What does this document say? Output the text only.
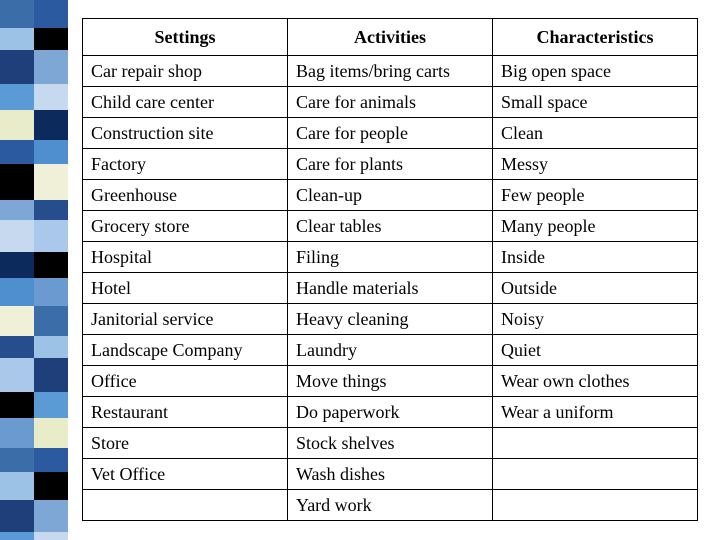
Settings	Activities	Characteristics
Car repair shop	Bag items/bring carts	Big open space
Child care center	Care for animals	Small space
Construction site	Care for people	Clean
Factory	Care for plants	Messy
Greenhouse	Clean-up	Few people
Grocery store	Clear tables	Many people
Hospital	Filing	Inside
Hotel	Handle materials	Outside
Janitorial service	Heavy cleaning	Noisy
Landscape Company	Laundry	Quiet
Office	Move things	Wear own clothes
Restaurant	Do paperwork	Wear a uniform
Store	Stock shelves	
Vet Office	Wash dishes	
	Yard work	
